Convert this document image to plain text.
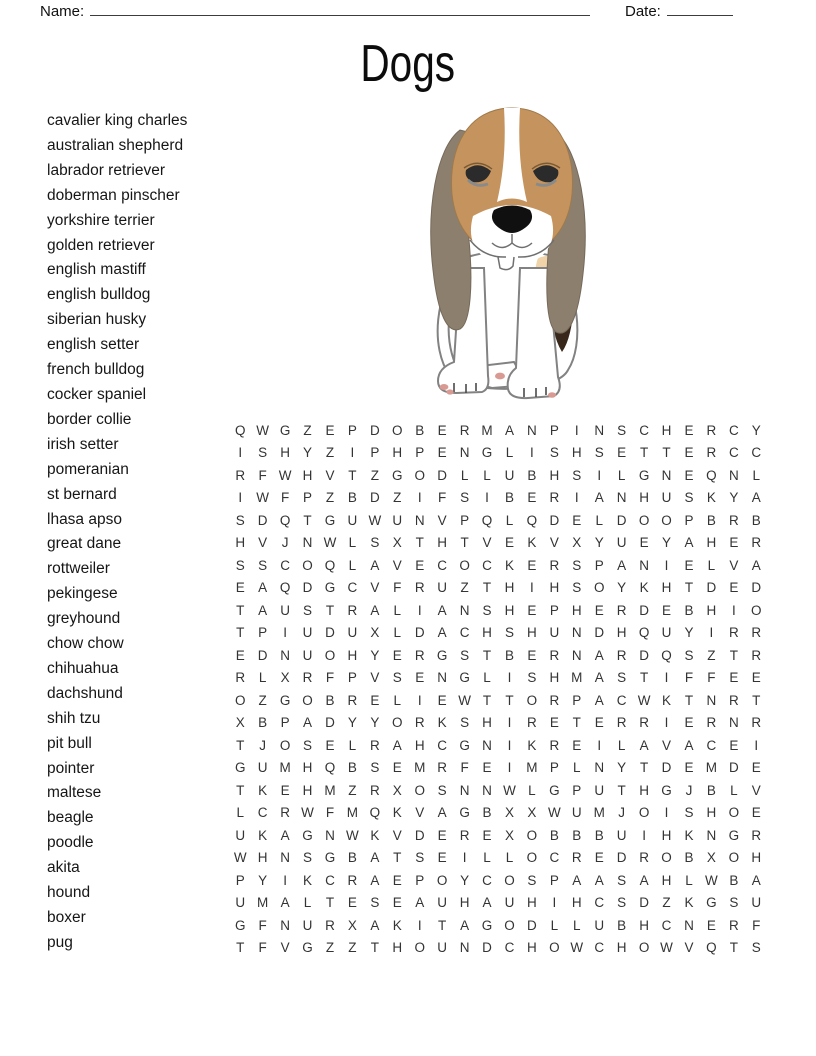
Name:	Date:
Dogs
cavalier king charles
australian shepherd
labrador retriever
doberman pinscher
yorkshire terrier
golden retriever
english mastiff
english bulldog
siberian husky
english setter
french bulldog
cocker spaniel
border collie
irish setter
pomeranian
st bernard
lhasa apso
great dane
rottweiler
pekingese
greyhound
chow chow
chihuahua
dachshund
shih tzu
pit bull
pointer
maltese
beagle
poodle
akita
hound
boxer
pug
Q W G Z	E P D O B E R M A N P	I	N S C H E R C Y
I	S H Y	Z	I	P H P E N G L	I	S H S E	T	T	E R C C
R F W H V	T	Z G O D	L	L	U B H S	I	L G N E Q N	L
I	W F	P	Z	B D Z	I	F	S	I	B E R	I	A N H U S K Y A
S D Q T G U W U N V P Q L Q D E	L	D O O P B R B
H V	J	N W L	S X	T H T	V E K V X Y U E Y A H E R
S S C O Q L	A V E C O C K E R S P A N	I	E	L	V A
E A Q D G C V	F R U Z	T H	I	H S O Y K H T D E D
T	A U S	T R A	L	I	A N S H E P H E R D E B H	I	O
T	P	I	U D U X	L	D A C H S H U N D H Q U Y	I	R R
E D N U O H Y E R G S	T	B E R N A R D Q S	Z	T R
R	L	X R F	P V S E N G L	I	S H M A S	T	I	F	F	E E
O Z G O B R E	L	I	E W T	T O R P A C W K	T N R T
X B P A D Y Y O R K S H	I	R E	T	E R R	I	E R N R
T	J	O S E	L	R A H C G N	I	K R E	I	L	A V A C E	I
G U M H Q B S E M R F	E	I	M P	L	N Y	T D E M D E
T	K E H M Z R X O S N N W L G P U T H G	J	B	L	V
L	C R W F M Q K V A G B X X W U M J	O	I	S H O E
U K A G N W K V D E R E X O B B B U	I	H K N G R
W H N S G B A	T	S E	I	L	L O C R E D R O B X O H
P Y	I	K C R A E P O Y C O S P A A S A H	L W B A
U M A	L	T	E S E A U H A U H	I	H C S D Z	K G S U
G F N U R X A K	I	T	A G O D	L	L	U B H C N E R F
T	F	V G Z	Z	T H O U N D C H O W C H O W V Q T	S
